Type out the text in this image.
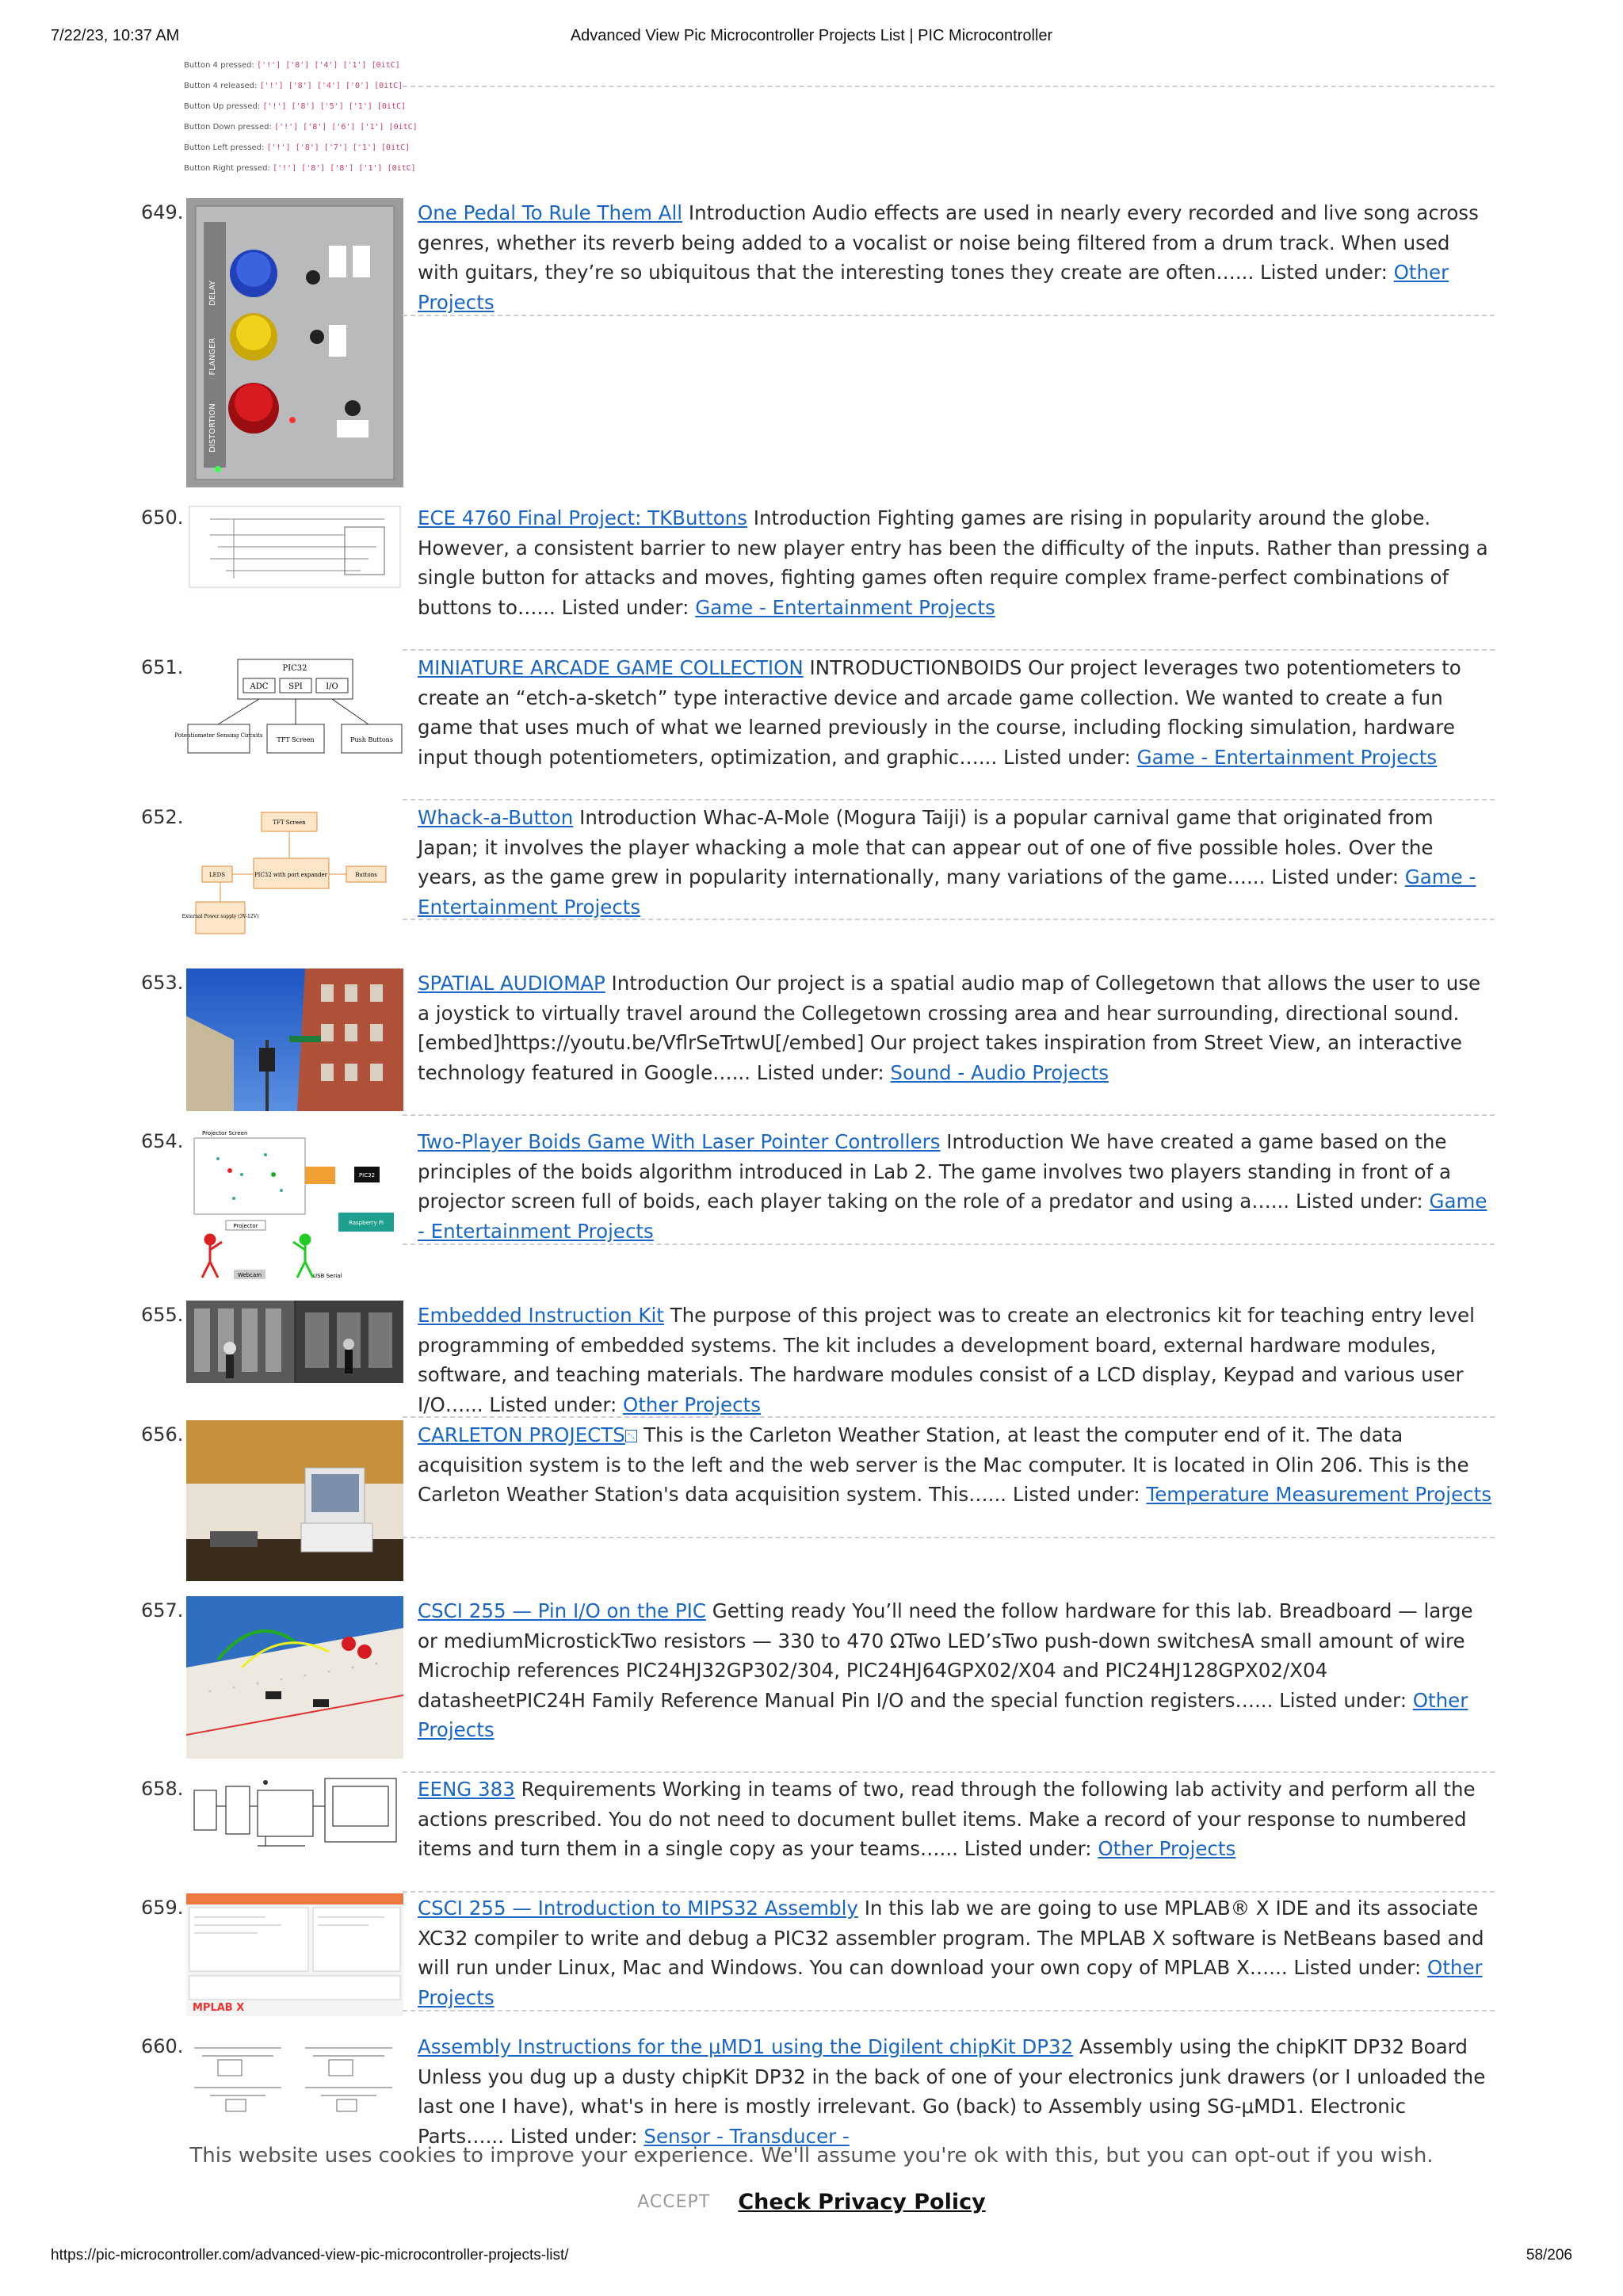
7/22/23, 10:37 AM	Advanced View Pic Microcontroller Projects List | PIC Microcontroller
Button 4 pressed: ['!'] ['8'] ['4'] ['1'] [0itC]
Button 4 released: ['!'] ['8'] ['4'] ['0'] [0itC]
Button Up pressed: ['!'] ['8'] ['5'] ['1'] [0itC]
Button Down pressed: ['!'] ['8'] ['6'] ['1'] [0itC]
Button Left pressed: ['!'] ['8'] ['7'] ['1'] [0itC]
Button Right pressed: ['!'] ['8'] ['8'] ['1'] [0itC]
649.
DELAY
FLANGER
DISTORTION
One Pedal To Rule Them All Introduction Audio effects are used in nearly every recorded and live song across genres, whether its reverb being added to a vocalist or noise being filtered from a drum track. When used with guitars, they’re so ubiquitous that the interesting tones they create are often…... Listed under: Other Projects
650.	ECE 4760 Final Project: TKButtons Introduction Fighting games are rising in popularity around the globe. However, a consistent barrier to new player entry has been the difficulty of the inputs. Rather than pressing a single button for attacks and moves, fighting games often require complex frame-perfect combinations of buttons to…... Listed under: Game - Entertainment Projects
651.	PIC32
ADC	SPI	I/O
Potentiometer Sensing Circuits
TFT Screen	Push Buttons
MINIATURE ARCADE GAME COLLECTION INTRODUCTIONBOIDS Our project leverages two potentiometers to create an “etch-a-sketch” type interactive device and arcade game collection. We wanted to create a fun game that uses much of what we learned previously in the course, including flocking simulation, hardware input though potentiometers, optimization, and graphic…... Listed under: Game - Entertainment Projects
652.	TFT Screen
PIC32 with port expander
LEDS	Buttons
External Power supply (3V-12V)
Whack-a-Button Introduction Whac-A-Mole (Mogura Taiji) is a popular carnival game that originated from Japan; it involves the player whacking a mole that can appear out of one of five possible holes. Over the years, as the game grew in popularity internationally, many variations of the game…... Listed under: Game - Entertainment Projects
653.	SPATIAL AUDIOMAP Introduction Our project is a spatial audio map of Collegetown that allows the user to use a joystick to virtually travel around the Collegetown crossing area and hear surrounding, directional sound. [embed]https://youtu.be/VflrSeTrtwU[/embed] Our project takes inspiration from Street View, an interactive technology featured in Google…... Listed under: Sound - Audio Projects
654.	Projector Screen
PIC32
Projector	Raspberry Pi
Webcam	USB Serial
Two-Player Boids Game With Laser Pointer Controllers Introduction We have created a game based on the principles of the boids algorithm introduced in Lab 2. The game involves two players standing in front of a projector screen full of boids, each player taking on the role of a predator and using a…... Listed under: Game - Entertainment Projects
655.	Embedded Instruction Kit The purpose of this project was to create an electronics kit for teaching entry level programming of embedded systems. The kit includes a development board, external hardware modules, software, and teaching materials. The hardware modules consist of a LCD display, Keypad and various user I/O…... Listed under: Other Projects
656.	CARLETON PROJECTS ␂ This is the Carleton Weather Station, at least the computer end of it. The data acquisition system is to the left and the web server is the Mac computer. It is located in Olin 206. This is the Carleton Weather Station's data acquisition system. This…... Listed under: Temperature Measurement Projects
657.	CSCI 255 — Pin I/O on the PIC Getting ready You’ll need the follow hardware for this lab. Breadboard — large or mediumMicrostickTwo resistors — 330 to 470 ΩTwo LED’sTwo push-down switchesA small amount of wire Microchip references PIC24HJ32GP302/304, PIC24HJ64GPX02/X04 and PIC24HJ128GPX02/X04 datasheetPIC24H Family Reference Manual Pin I/O and the special function registers…... Listed under: Other Projects
658.	EENG 383 Requirements Working in teams of two, read through the following lab activity and perform all the actions prescribed. You do not need to document bullet items. Make a record of your response to numbered items and turn them in a single copy as your teams…... Listed under: Other Projects
659.
MPLAB X
CSCI 255 — Introduction to MIPS32 Assembly In this lab we are going to use MPLAB® X IDE and its associate XC32 compiler to write and debug a PIC32 assembler program. The MPLAB X software is NetBeans based and will run under Linux, Mac and Windows. You can download your own copy of MPLAB X…... Listed under: Other Projects
660.	Assembly Instructions for the μMD1 using the Digilent chipKit DP32 Assembly using the chipKIT DP32 Board Unless you dug up a dusty chipKit DP32 in the back of one of your electronics junk drawers (or I unloaded the last one I have), what's in here is mostly irrelevant. Go (back) to Assembly using SG-μMD1. Electronic Parts…... Listed under: Sensor - Transducer -
This website uses cookies to improve your experience. We'll assume you're ok with this, but you can opt-out if you wish.
ACCEPT Check Privacy Policy
https://pic-microcontroller.com/advanced-view-pic-microcontroller-projects-list/	58/206
